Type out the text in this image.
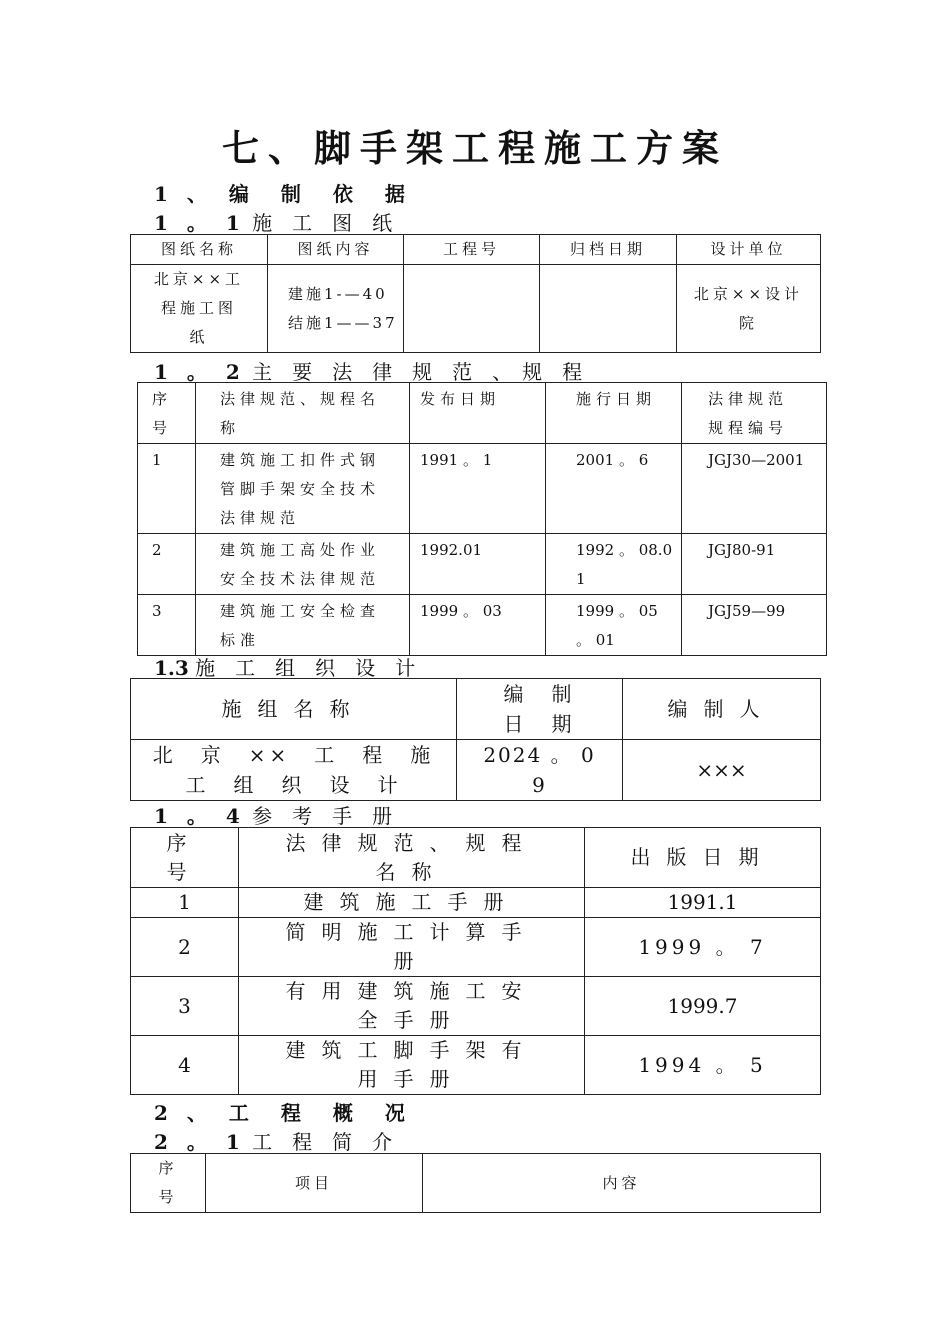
七、脚手架工程施工方案
1 、　编　制　依　据
1 。 1 施　工　图　纸
图纸名称	图纸内容	工程号	归档日期	设计单位
北京××工
程施工图
纸	建施1-—40
结施1——37			北京××设计
院
1 。 2 主　要　法　律　规　范　、　规　程
序
号	法律规范、规程名
称	发布日期	施行日期	法律规范
规程编号
1	建筑施工扣件式钢
管脚手架安全技术
法律规范	1991 。 1	2001 。 6	JGJ30—2001
2	建筑施工高处作业
安全技术法律规范	1992.01	1992 。 08.0
1	JGJ80-91
3	建筑施工安全检查
标准	1999 。 03	1999 。 05
。 01	JGJ59—99
1.3 施　工　组　织　设　计
施组名称	编　制
日　期	编制人
北　京　××　工　程　施
工　组　织　设　计	2024 。 0
9	×××
1 。 4 参　考　手　册
序
号	法律规范、规程
名称	出版日期
1	建筑施工手册	1991.1
2	简明施工计算手
册	1999 。 7
3	有用建筑施工安
全手册	1999.7
4	建筑工脚手架有
用手册	1994 。 5
2 、　工　程　概　况
2 。 1 工　程　简　介
序
号	项目	内容
